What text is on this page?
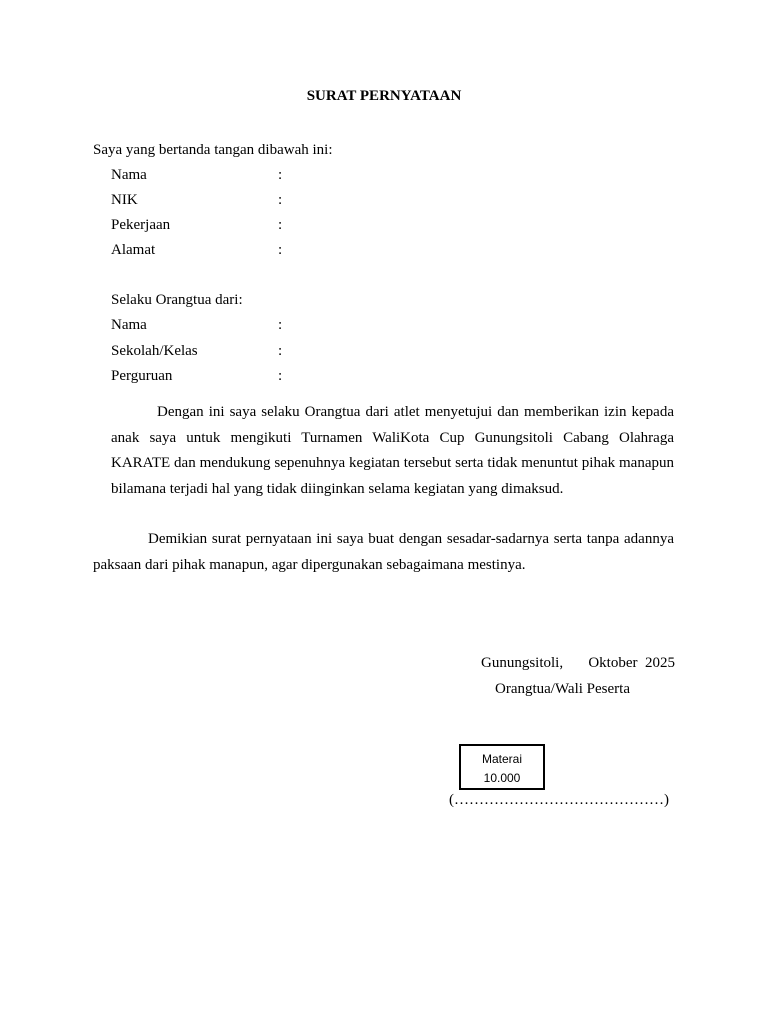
SURAT PERNYATAAN
Saya yang bertanda tangan dibawah ini:
Nama	:
NIK	:
Pekerjaan	:
Alamat	:
Selaku Orangtua dari:
Nama	:
Sekolah/Kelas	:
Perguruan	:
Dengan ini saya selaku Orangtua dari atlet menyetujui dan memberikan izin kepada anak saya untuk mengikuti Turnamen WaliKota Cup Gunungsitoli Cabang Olahraga KARATE dan mendukung sepenuhnya kegiatan tersebut serta tidak menuntut pihak manapun bilamana terjadi hal yang tidak diinginkan selama kegiatan yang dimaksud.
Demikian surat pernyataan ini saya buat dengan sesadar-sadarnya serta tanpa adannya paksaan dari pihak manapun, agar dipergunakan sebagaimana mestinya.
Gunungsitoli, Oktober  2025
Orangtua/Wali Peserta
Materai
10.000
(……………………………………)
